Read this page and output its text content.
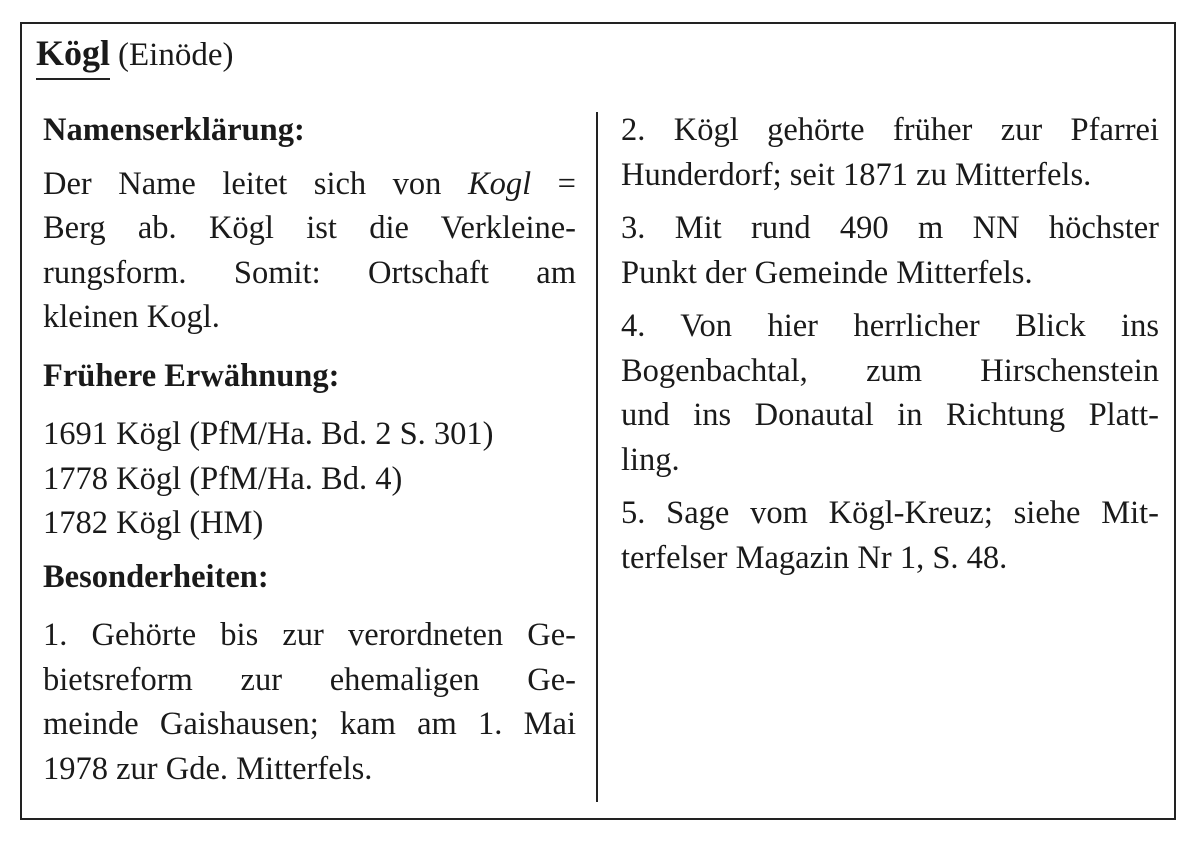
Kögl (Einöde)

Namenserklärung:

Der Name leitet sich von Kogl =
Berg ab. Kögl ist die Verkleine-
rungsform. Somit: Ortschaft am
kleinen Kogl.

Frühere Erwähnung:

1691 Kögl (PfM/Ha. Bd. 2 S. 301)
1778 Kögl (PfM/Ha. Bd. 4)
1782 Kögl (HM)

Besonderheiten:

1. Gehörte bis zur verordneten Ge-
bietsreform zur ehemaligen Ge-
meinde Gaishausen; kam am 1. Mai
1978 zur Gde. Mitterfels.
2. Kögl gehörte früher zur Pfarrei
Hunderdorf; seit 1871 zu Mitterfels.
3. Mit rund 490 m NN höchster
Punkt der Gemeinde Mitterfels.
4. Von hier herrlicher Blick ins
Bogenbachtal, zum Hirschenstein
und ins Donautal in Richtung Platt-
ling.
5. Sage vom Kögl-Kreuz; siehe Mit-
terfelser Magazin Nr 1, S. 48.
